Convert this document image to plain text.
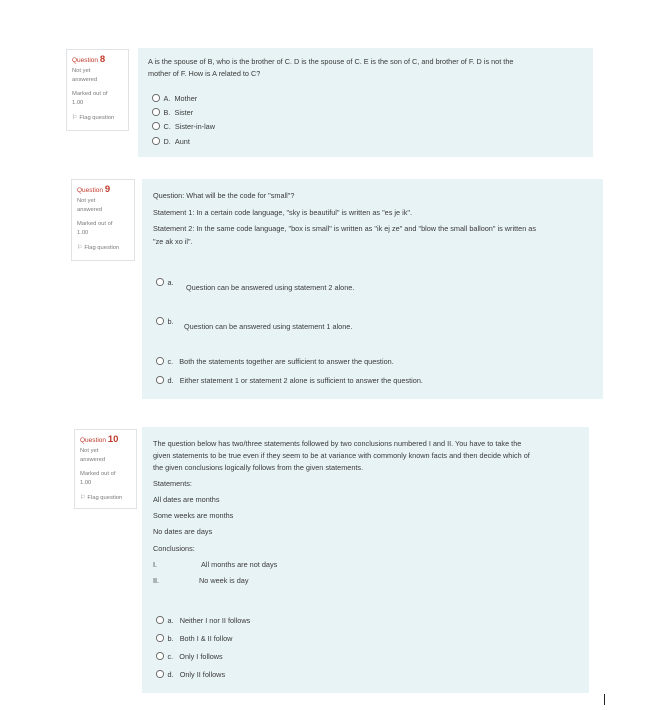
Question 8
Not yet
answered
Marked out of
1.00
⚐ Flag question
A is the spouse of B, who is the brother of C. D is the spouse of C. E is the son of C, and brother of F. D is not the
mother of F. How is A related to C?
A. Mother
B. Sister
C. Sister-in-law
D. Aunt
Question 9
Not yet
answered
Marked out of
1.00
⚐ Flag question
Question: What will be the code for "small"?
Statement 1: In a certain code language, "sky is beautiful" is written as "es je ik".
Statement 2: In the same code language, "box is small" is written as "ik ej ze" and "blow the small balloon" is written as
"ze ak xo il".
a.
Question can be answered using statement 2 alone.
b.
Question can be answered using statement 1 alone.
c. Both the statements together are sufficient to answer the question.
d. Either statement 1 or statement 2 alone is sufficient to answer the question.
Question 10
Not yet
answered
Marked out of
1.00
⚐ Flag question
The question below has two/three statements followed by two conclusions numbered I and II. You have to take the
given statements to be true even if they seem to be at variance with commonly known facts and then decide which of
the given conclusions logically follows from the given statements.
Statements:
All dates are months
Some weeks are months
No dates are days
Conclusions:
I.	All months are not days
II.	No week is day
a. Neither I nor II follows
b. Both I & II follow
c. Only I follows
d. Only II follows
